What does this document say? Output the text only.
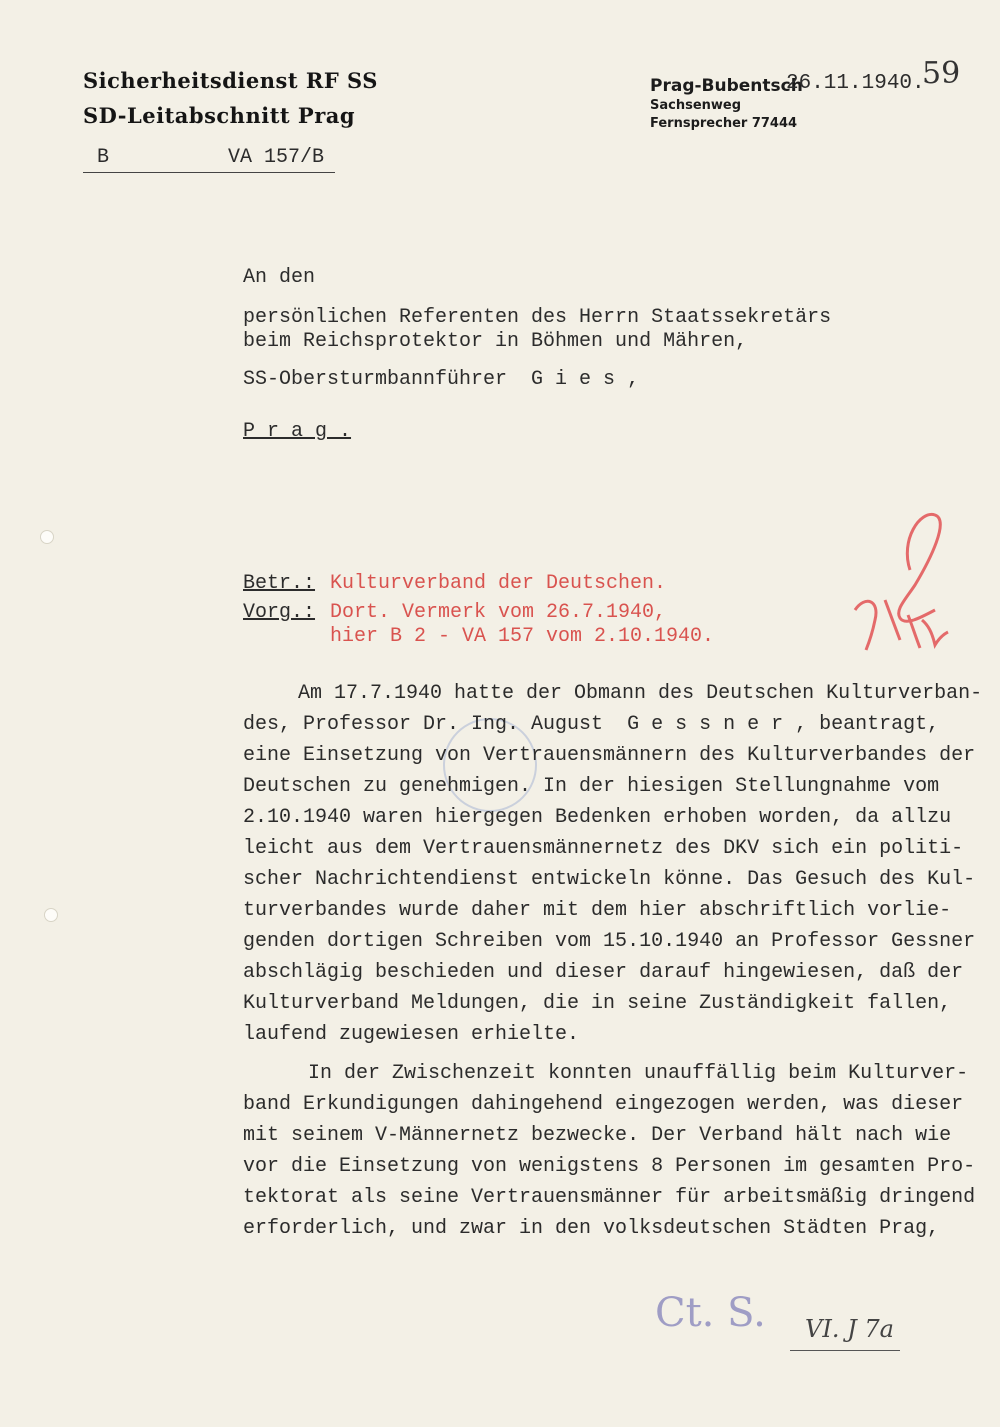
Sicherheitsdienst RF SS
SD-Leitabschnitt Prag
Prag-Bubentsch
26.11.1940.
59
Sachsenweg
Fernsprecher 77444
B	VA 157/B
An den
persönlichen Referenten des Herrn Staatssekretärs
beim Reichsprotektor in Böhmen und Mähren,
SS-Obersturmbannführer  G i e s ,
P r a g .
Betr.: Kulturverband der Deutschen.
Vorg.: Dort. Vermerk vom 26.7.1940,
hier B 2 - VA 157 vom 2.10.1940.
Am 17.7.1940 hatte der Obmann des Deutschen Kulturverban-
des, Professor Dr. Ing. August  G e s s n e r , beantragt,
eine Einsetzung von Vertrauensmännern des Kulturverbandes der
Deutschen zu genehmigen. In der hiesigen Stellungnahme vom
2.10.1940 waren hiergegen Bedenken erhoben worden, da allzu
leicht aus dem Vertrauensmännernetz des DKV sich ein politi-
scher Nachrichtendienst entwickeln könne. Das Gesuch des Kul-
turverbandes wurde daher mit dem hier abschriftlich vorlie-
genden dortigen Schreiben vom 15.10.1940 an Professor Gessner
abschlägig beschieden und dieser darauf hingewiesen, daß der
Kulturverband Meldungen, die in seine Zuständigkeit fallen,
laufend zugewiesen erhielte.
In der Zwischenzeit konnten unauffällig beim Kulturver-
band Erkundigungen dahingehend eingezogen werden, was dieser
mit seinem V-Männernetz bezwecke. Der Verband hält nach wie
vor die Einsetzung von wenigstens 8 Personen im gesamten Pro-
tektorat als seine Vertrauensmänner für arbeitsmäßig dringend
erforderlich, und zwar in den volksdeutschen Städten Prag,
Ct. S. VI. J 7a
